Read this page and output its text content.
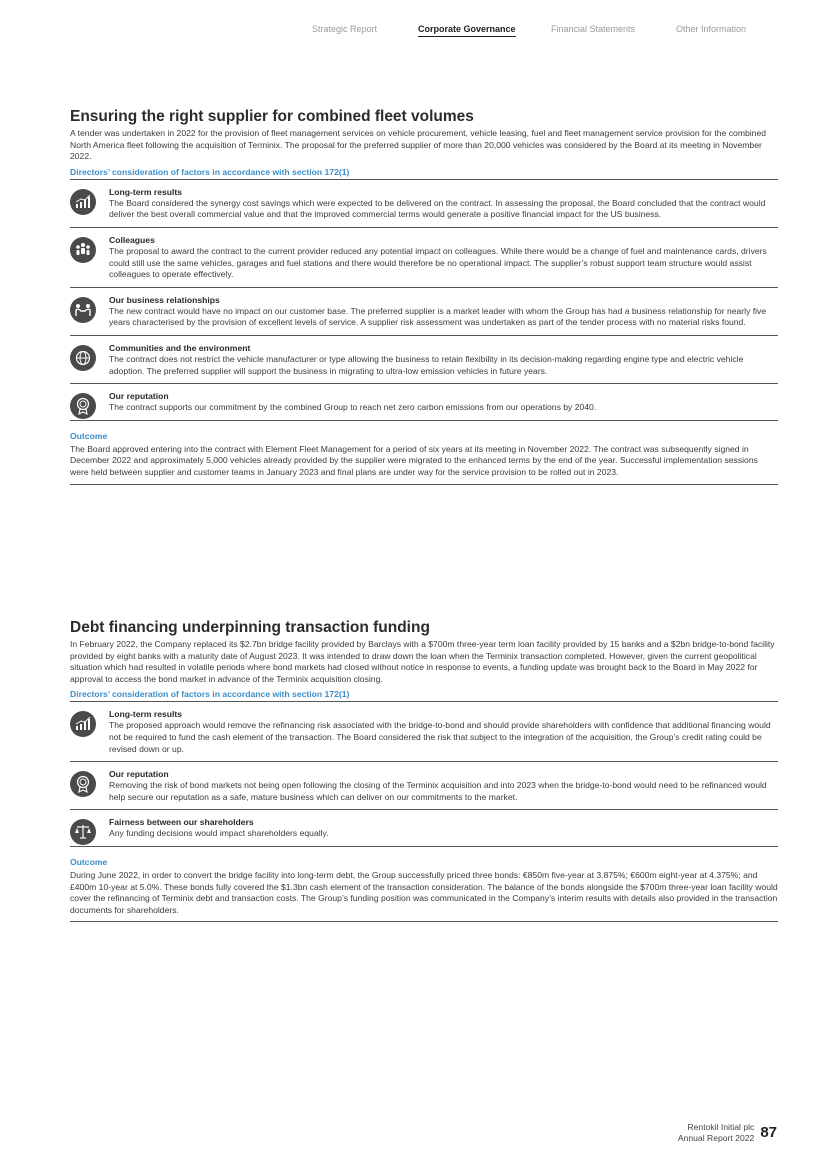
Strategic Report	Corporate Governance	Financial Statements	Other Information
Ensuring the right supplier for combined fleet volumes
A tender was undertaken in 2022 for the provision of fleet management services on vehicle procurement, vehicle leasing, fuel and fleet management service provision for the combined North America fleet following the acquisition of Terminix. The proposal for the preferred supplier of more than 20,000 vehicles was considered by the Board at its meeting in November 2022.
Directors’ consideration of factors in accordance with section 172(1)
Long-term results
The Board considered the synergy cost savings which were expected to be delivered on the contract. In assessing the proposal, the Board concluded that the contract would deliver the best overall commercial value and that the improved commercial terms would generate a positive financial impact for the US business.
Colleagues
The proposal to award the contract to the current provider reduced any potential impact on colleagues. While there would be a change of fuel and maintenance cards, drivers could still use the same vehicles, garages and fuel stations and there would therefore be no operational impact. The supplier’s robust support team structure would assist colleagues to operate effectively.
Our business relationships
The new contract would have no impact on our customer base. The preferred supplier is a market leader with whom the Group has had a business relationship for nearly five years characterised by the provision of excellent levels of service. A supplier risk assessment was undertaken as part of the tender process with no material risks found.
Communities and the environment
The contract does not restrict the vehicle manufacturer or type allowing the business to retain flexibility in its decision-making regarding engine type and electric vehicle adoption. The preferred supplier will support the business in migrating to ultra-low emission vehicles in future years.
Our reputation
The contract supports our commitment by the combined Group to reach net zero carbon emissions from our operations by 2040.
Outcome
The Board approved entering into the contract with Element Fleet Management for a period of six years at its meeting in November 2022. The contract was subsequently signed in December 2022 and approximately 5,000 vehicles already provided by the supplier were migrated to the enhanced terms by the end of the year. Successful implementation sessions were held between supplier and customer teams in January 2023 and final plans are under way for the service provision to be rolled out in 2023.
Debt financing underpinning transaction funding
In February 2022, the Company replaced its $2.7bn bridge facility provided by Barclays with a $700m three-year term loan facility provided by 15 banks and a $2bn bridge-to-bond facility provided by eight banks with a maturity date of August 2023. It was intended to draw down the loan when the Terminix transaction completed. However, given the current geopolitical situation which had resulted in volatile periods where bond markets had closed without notice in response to events, a funding update was brought back to the Board in May 2022 for approval to access the bond market in advance of the Terminix acquisition closing.
Directors’ consideration of factors in accordance with section 172(1)
Long-term results
The proposed approach would remove the refinancing risk associated with the bridge-to-bond and should provide shareholders with confidence that additional financing would not be required to fund the cash element of the transaction. The Board considered the risk that subject to the integration of the acquisition, the Group’s credit rating could be revised down or up.
Our reputation
Removing the risk of bond markets not being open following the closing of the Terminix acquisition and into 2023 when the bridge-to-bond would need to be refinanced would help secure our reputation as a safe, mature business which can deliver on our commitments to the market.
Fairness between our shareholders
Any funding decisions would impact shareholders equally.
Outcome
During June 2022, in order to convert the bridge facility into long-term debt, the Group successfully priced three bonds: €850m five-year at 3.875%; €600m eight-year at 4.375%; and £400m 10-year at 5.0%. These bonds fully covered the $1.3bn cash element of the transaction consideration. The balance of the bonds alongside the $700m three-year loan facility would cover the refinancing of Terminix debt and transaction costs. The Group’s funding position was communicated in the Company’s interim results with details also provided in the transaction documents for shareholders.
Rentokil Initial plc
Annual Report 2022 87
